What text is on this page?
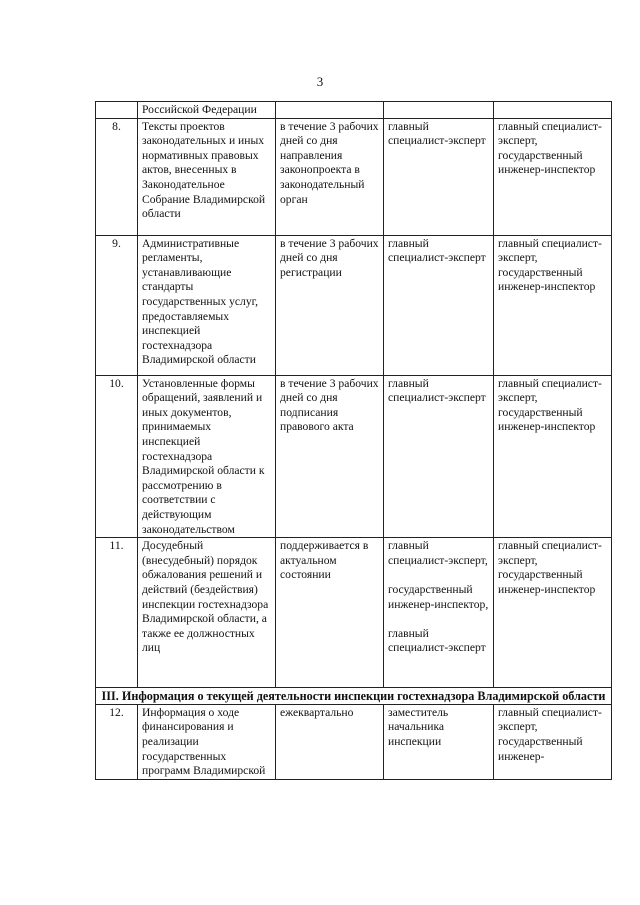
3
	Российской Федерации			
8.	Тексты проектов законодательных и иных нормативных правовых актов, внесенных в Законодательное Собрание Владимирской области	в течение 3 рабочих дней со дня направления законопроекта в законодательный орган	главный специалист-эксперт	главный специалист-эксперт, государственный инженер-инспектор
9.	Административные регламенты, устанавливающие стандарты государственных услуг, предоставляемых инспекцией гостехнадзора Владимирской области	в течение 3 рабочих дней со дня регистрации	главный специалист-эксперт	главный специалист-эксперт, государственный инженер-инспектор
10.	Установленные формы обращений, заявлений и иных документов, принимаемых инспекцией гостехнадзора Владимирской области к рассмотрению в соответствии с действующим законодательством	в течение 3 рабочих дней со дня подписания правового акта	главный специалист-эксперт	главный специалист-эксперт, государственный инженер-инспектор
11.	Досудебный (внесудебный) порядок обжалования решений и действий (бездействия) инспекции гостехнадзора Владимирской области, а также ее должностных лиц	поддерживается в актуальном состоянии	главный специалист-эксперт,

государственный инженер-инспектор,

главный специалист-эксперт	главный специалист-эксперт, государственный инженер-инспектор
III. Информация о текущей деятельности инспекции гостехнадзора Владимирской области				
12.	Информация о ходе финансирования и реализации государственных программ Владимирской	ежеквартально	заместитель начальника инспекции	главный специалист-эксперт, государственный инженер-
